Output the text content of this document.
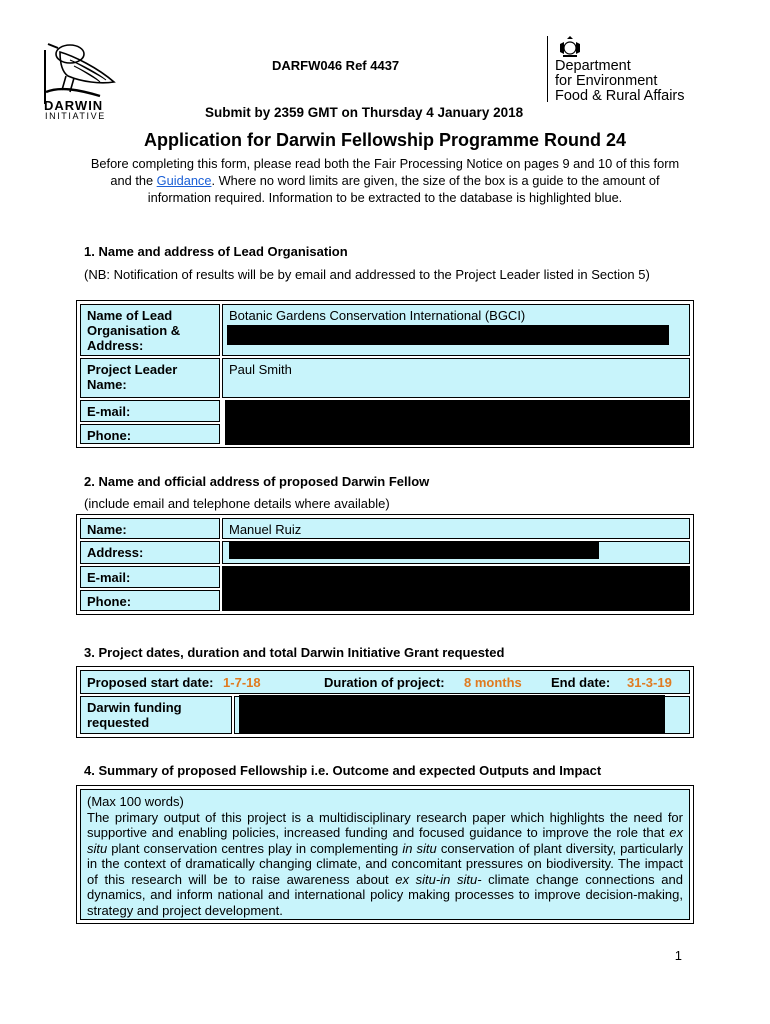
DARWIN
INITIATIVE
DARFW046 Ref 4437	Department
for Environment
Food & Rural Affairs
Submit by 2359 GMT on Thursday 4 January 2018
Application for Darwin Fellowship Programme Round 24
Before completing this form, please read both the Fair Processing Notice on pages 9 and 10 of this form and the Guidance. Where no word limits are given, the size of the box is a guide to the amount of information required. Information to be extracted to the database is highlighted blue.
1. Name and address of Lead Organisation
(NB: Notification of results will be by email and addressed to the Project Leader listed in Section 5)
Name of Lead Organisation & Address:
Botanic Gardens Conservation International (BGCI)
Project Leader Name:
Paul Smith
E-mail:
Phone:
2. Name and official address of proposed Darwin Fellow
(include email and telephone details where available)
Name:	Manuel Ruiz
Address:
E-mail:
Phone:
3. Project dates, duration and total Darwin Initiative Grant requested
Proposed start date: 1-7-18	Duration of project: 8 months End date: 31-3-19
Darwin funding requested
4. Summary of proposed Fellowship i.e. Outcome and expected Outputs and Impact
(Max 100 words)
The primary output of this project is a multidisciplinary research paper which highlights the need for supportive and enabling policies, increased funding and focused guidance to improve the role that ex situ plant conservation centres play in complementing in situ conservation of plant diversity, particularly in the context of dramatically changing climate, and concomitant pressures on biodiversity. The impact of this research will be to raise awareness about ex situ-in situ- climate change connections and dynamics, and inform national and international policy making processes to improve decision-making, strategy and project development.
1
